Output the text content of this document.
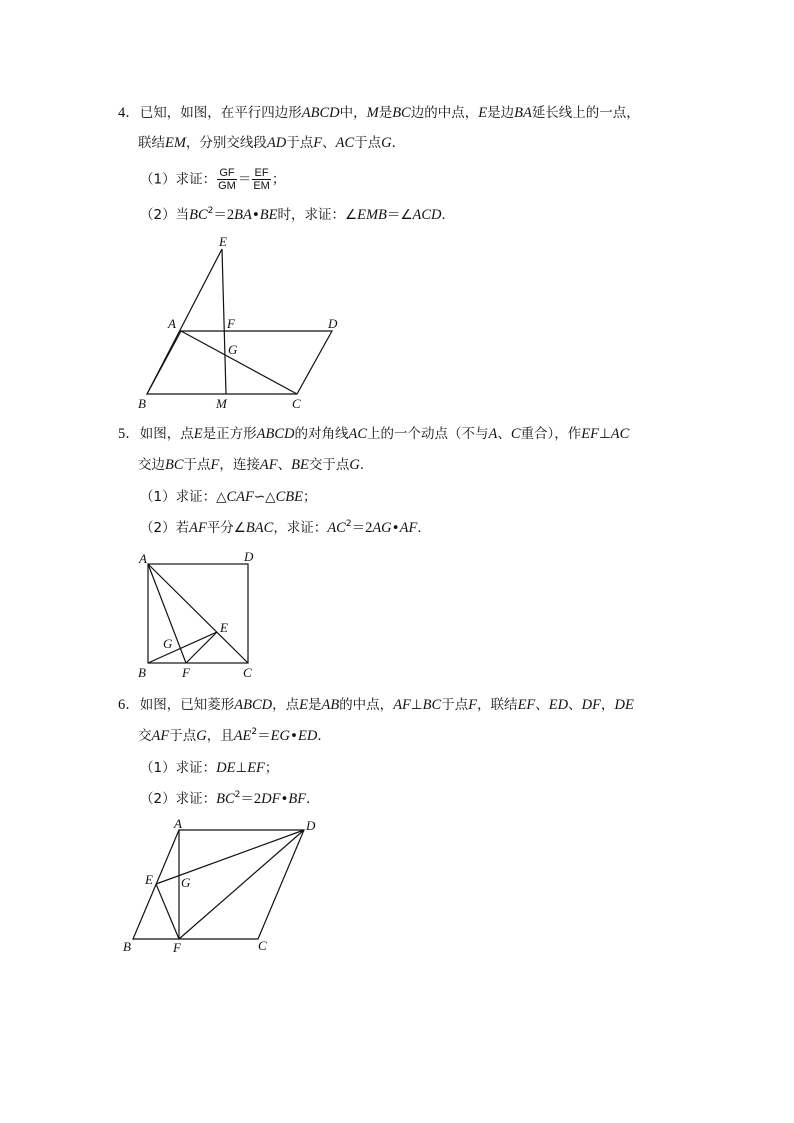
4．已知，如图，在平行四边形ABCD中，M是BC边的中点，E是边BA延长线上的一点，
联结EM，分别交线段AD于点F、AC于点G．
（1）求证： $\frac{GF}{GM} = \frac{EF}{EM}$ ；
（2）当$BC^2=2BA•BE$时，求证：∠EMB＝∠ACD．
E
A	F	D
G
B	M	C
A	D
E
G
B	F	C
A	D
E G
B	F	C
5．如图，点E是正方形ABCD的对角线AC上的一个动点（不与A、C重合），作EF⊥AC
交边BC于点F，连接AF、BE交于点G．
（1）求证：△CAF∽△CBE；
（2）若AF平分∠BAC，求证：$AC^2=2AG•AF$．
6．如图，已知菱形ABCD，点E是AB的中点，AF⊥BC于点F，联结EF、ED、DF，DE
交AF于点G，且$AE^2=EG•ED$．
（1）求证：DE⊥EF；
（2）求证：$BC^2=2DF•BF$．
